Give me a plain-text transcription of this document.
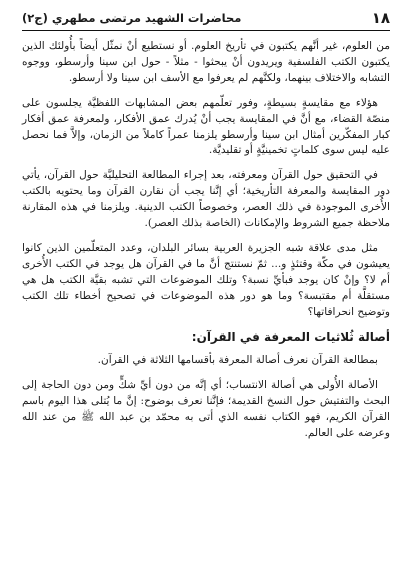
١٨
محاضرات الشهيد مرتضى مطهري (ج٢)

من العلوم، غير أنَّهم يكتبون في تأريخ العلوم. أو نستطيع أنْ نمثّل أيضاً بأُولئك الذين يكتبون الكتب الفلسفية ويريدون أنْ يبحثوا - مثلاً - حول ابن سينا وأرسطو، ووجوه التشابه والاختلاف بينهما، ولكنَّهم لم يعرفوا مع الأسف ابن سينا ولا أرسطو.

هؤلاء مع مقايسةٍ بسيطةٍ، وفور تعلّمهم بعض المشابهات اللفظيَّة يجلسون على منصّة القضاء، مع أنَّ في المقايسة يجب أنْ يُدرك عمق الأفكار، ولمعرفة عمق أفكار كبار المفكّرين أمثال ابن سينا وأرسطو يلزمنا عمراً كاملاً من الزمان، وإلاَّ فما نحصل عليه ليس سوى كلماتٍ تخمينيَّةٍ أو تقليديَّة.

في التحقيق حول القرآن ومعرفته، بعد إجراء المطالعة التحليليَّة حول القرآن، يأتي دور المقايسة والمعرفة التأريخية؛ أي إنَّنا يجب أن نقارن القرآن وما يحتويه بالكتب الأُخرى الموجودة في ذلك العصر، وخصوصاً الكتب الدينية. ويلزمنا في هذه المقارنة ملاحظة جميع الشروط والإمكانات (الخاصة بذلك العصر).

مثل مدى علاقة شبه الجزيرة العربية بسائر البلدان، وعدد المتعلّمين الذين كانوا يعيشون في مكّة وقتئذٍ و... ثمّ نستنتج أنَّ ما في القرآن هل يوجد في الكتب الأُخرى أم لا؟ وإنْ كان يوجد فبأيِّ نسبة؟ وتلك الموضوعات التي تشبه بقيَّة الكتب هل هي مستقلَّة أم مقتبسة؟ وما هو دور هذه الموضوعات في تصحيح أخطاء تلك الكتب وتوضيح انحرافاتها؟

أصالة ثُلاثيات المعرفة في القرآن:

بمطالعة القرآن نعرف أصالة المعرفة بأقسامها الثلاثة في القرآن.

الأصالة الأُولى هي أصالة الانتساب؛ أي إنَّه من دون أيِّ شكٍّ ومن دون الحاجة إلى البحث والتفتيش حول النسخ القديمة؛ فإنَّنا نعرف بوضوح: إنَّ ما يُتلى هذا اليوم باسم القرآن الكريم، فهو الكتاب نفسه الذي أتى به محمّد بن عبد الله ﷺ من عند الله وعرضه على العالم.
